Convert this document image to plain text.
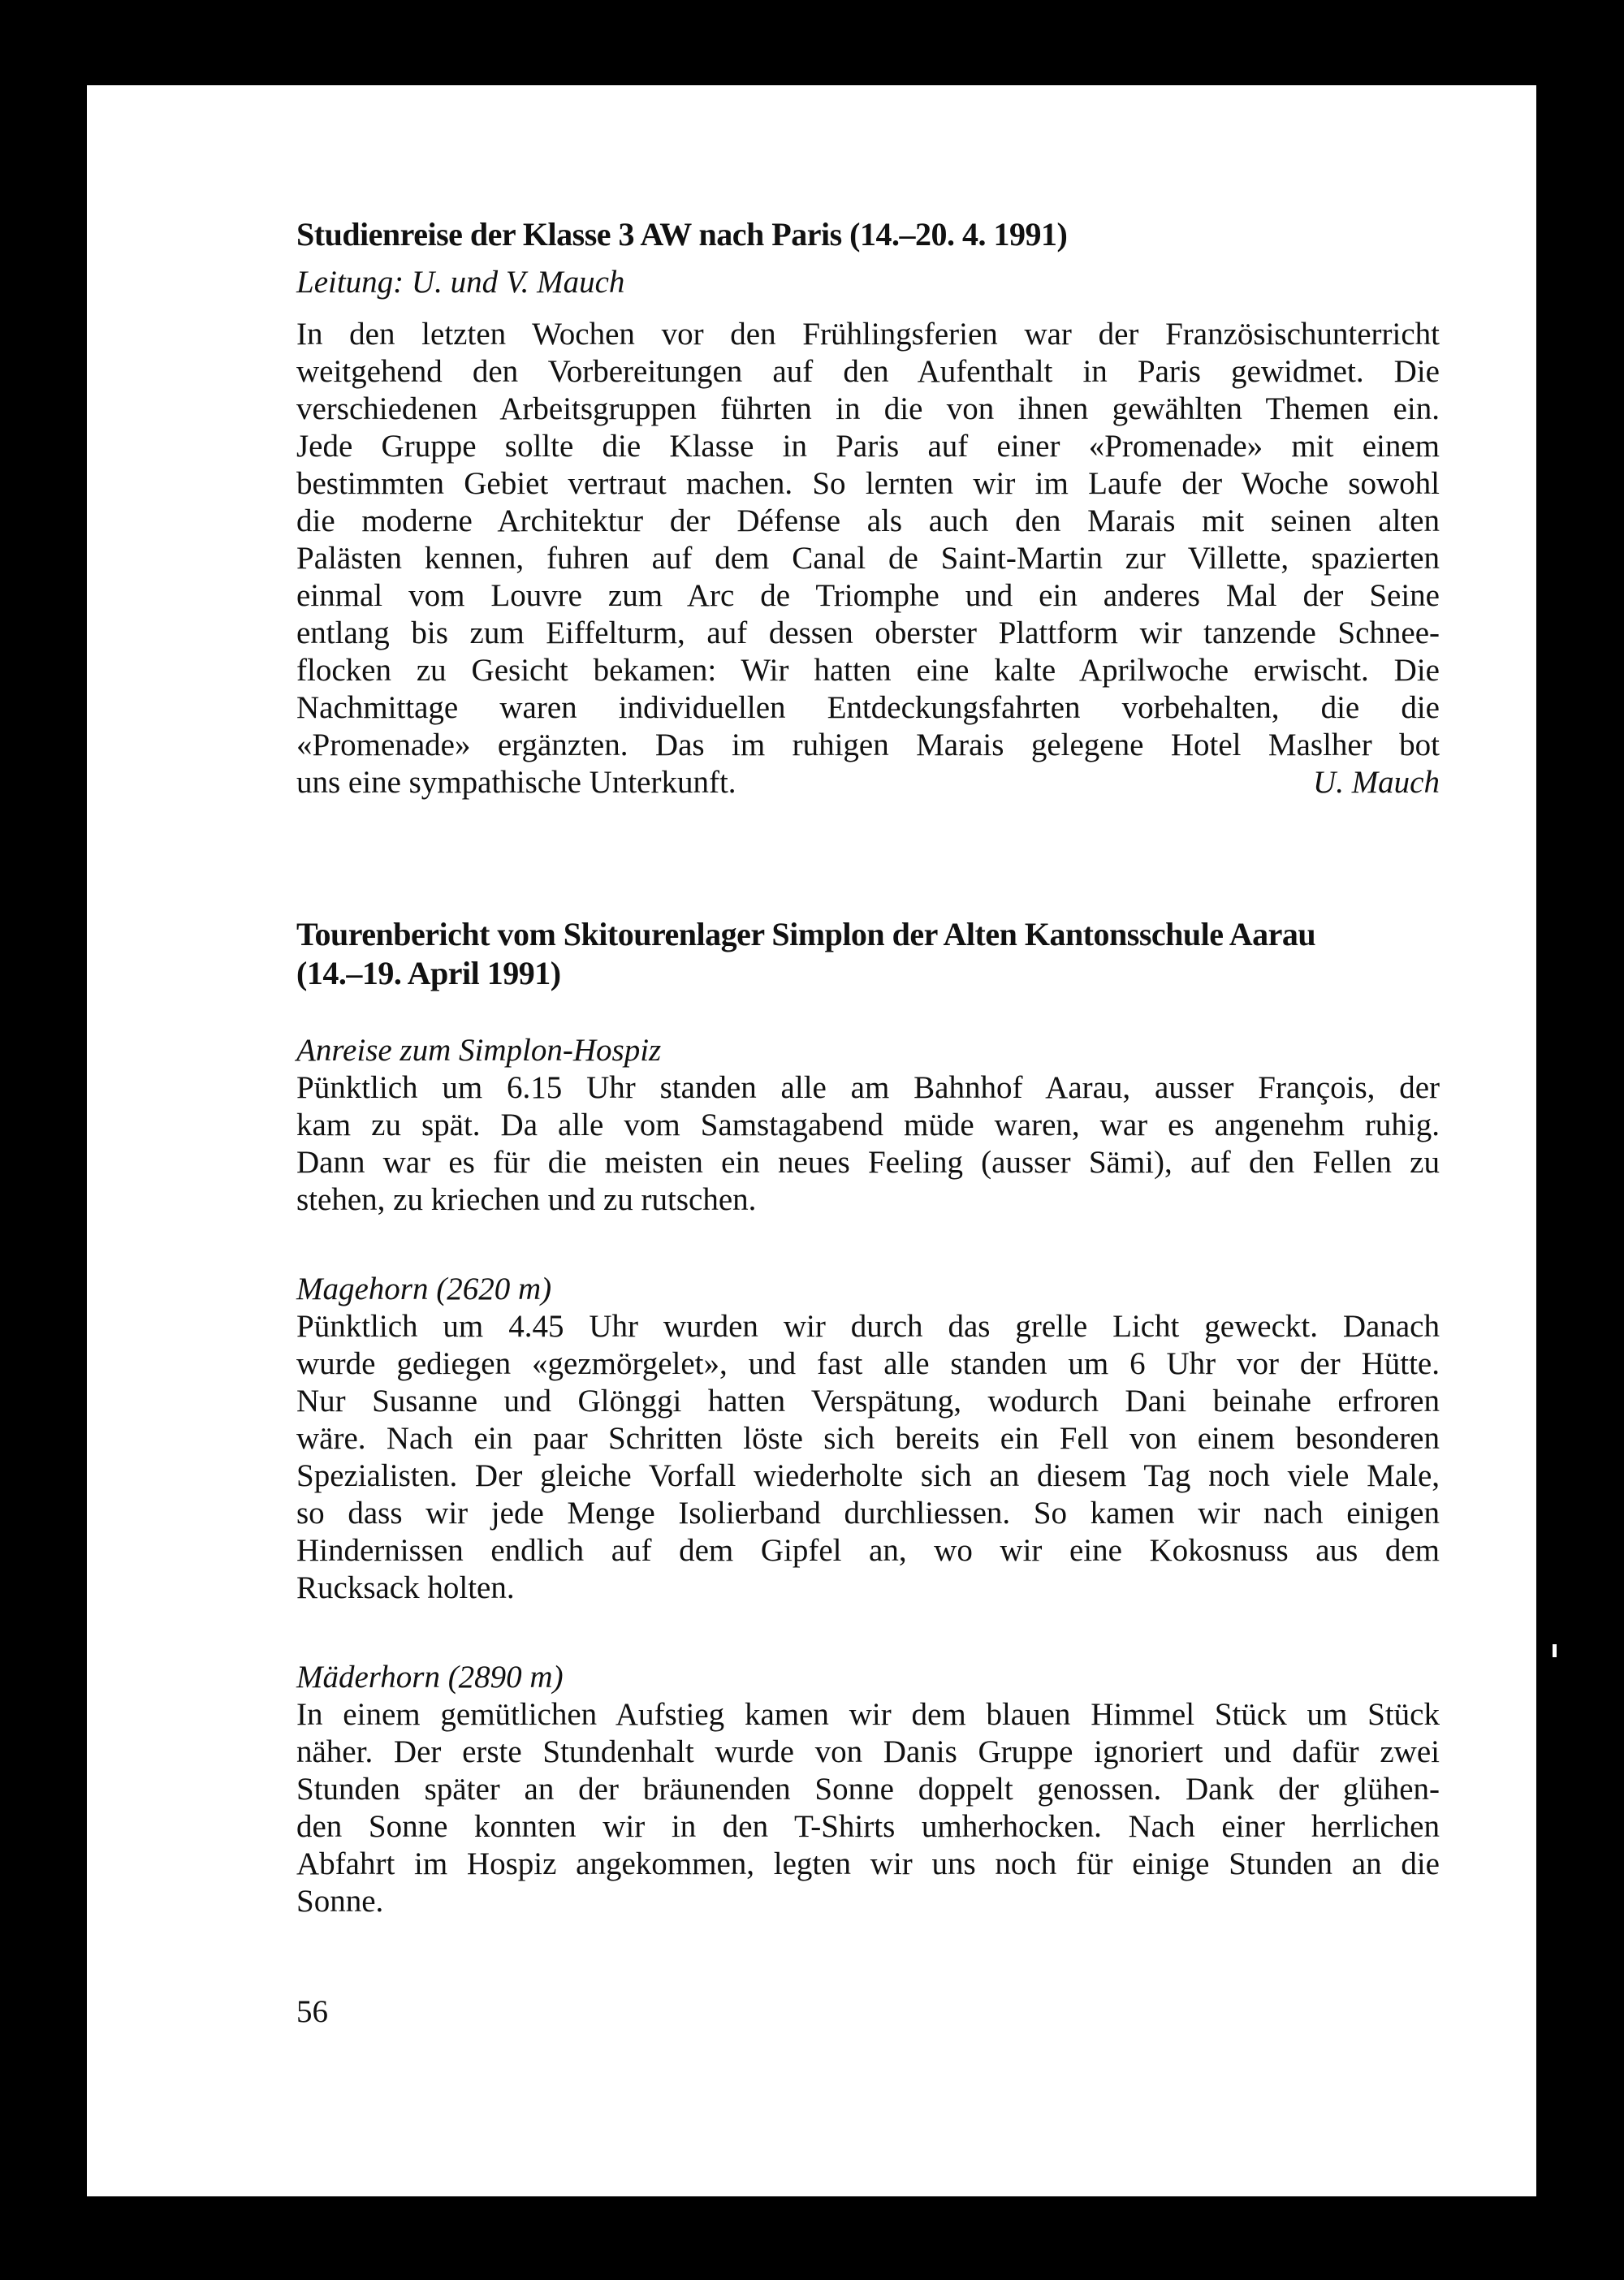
Studienreise der Klasse 3 AW nach Paris (14.–20. 4. 1991)

Leitung: U. und V. Mauch

In den letzten Wochen vor den Frühlingsferien war der Französischunterricht
weitgehend den Vorbereitungen auf den Aufenthalt in Paris gewidmet. Die
verschiedenen Arbeitsgruppen führten in die von ihnen gewählten Themen ein.
Jede Gruppe sollte die Klasse in Paris auf einer «Promenade» mit einem
bestimmten Gebiet vertraut machen. So lernten wir im Laufe der Woche sowohl
die moderne Architektur der Défense als auch den Marais mit seinen alten
Palästen kennen, fuhren auf dem Canal de Saint-Martin zur Villette, spazierten
einmal vom Louvre zum Arc de Triomphe und ein anderes Mal der Seine
entlang bis zum Eiffelturm, auf dessen oberster Plattform wir tanzende Schnee-
flocken zu Gesicht bekamen: Wir hatten eine kalte Aprilwoche erwischt. Die
Nachmittage waren individuellen Entdeckungsfahrten vorbehalten, die die
«Promenade» ergänzten. Das im ruhigen Marais gelegene Hotel Maslher bot
uns eine sympathische Unterkunft.	U. Mauch
Tourenbericht vom Skitourenlager Simplon der Alten Kantonsschule Aarau
(14.–19. April 1991)

Anreise zum Simplon-Hospiz

Pünktlich um 6.15 Uhr standen alle am Bahnhof Aarau, ausser François, der
kam zu spät. Da alle vom Samstagabend müde waren, war es angenehm ruhig.
Dann war es für die meisten ein neues Feeling (ausser Sämi), auf den Fellen zu
stehen, zu kriechen und zu rutschen.

Magehorn (2620 m)

Pünktlich um 4.45 Uhr wurden wir durch das grelle Licht geweckt. Danach
wurde gediegen «gezmörgelet», und fast alle standen um 6 Uhr vor der Hütte.
Nur Susanne und Glönggi hatten Verspätung, wodurch Dani beinahe erfroren
wäre. Nach ein paar Schritten löste sich bereits ein Fell von einem besonderen
Spezialisten. Der gleiche Vorfall wiederholte sich an diesem Tag noch viele Male,
so dass wir jede Menge Isolierband durchliessen. So kamen wir nach einigen
Hindernissen endlich auf dem Gipfel an, wo wir eine Kokosnuss aus dem
Rucksack holten.

Mäderhorn (2890 m)

In einem gemütlichen Aufstieg kamen wir dem blauen Himmel Stück um Stück
näher. Der erste Stundenhalt wurde von Danis Gruppe ignoriert und dafür zwei
Stunden später an der bräunenden Sonne doppelt genossen. Dank der glühen-
den Sonne konnten wir in den T-Shirts umherhocken. Nach einer herrlichen
Abfahrt im Hospiz angekommen, legten wir uns noch für einige Stunden an die
Sonne.
56
